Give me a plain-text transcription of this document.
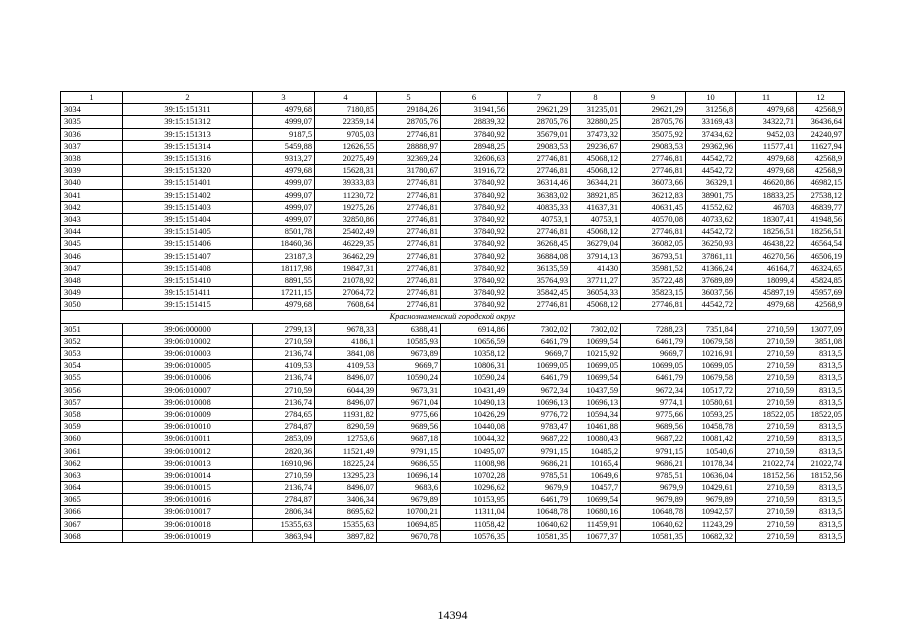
1	2	3	4	5	6	7	8	9	10	11	12
3034	39:15:151311	4979,68	7180,85	29184,26	31941,56	29621,29	31235,01	29621,29	31256,8	4979,68	42568,9
3035	39:15:151312	4999,07	22359,14	28705,76	28839,32	28705,76	32880,25	28705,76	33169,43	34322,71	36436,64
3036	39:15:151313	9187,5	9705,03	27746,81	37840,92	35679,01	37473,32	35075,92	37434,62	9452,03	24240,97
3037	39:15:151314	5459,88	12626,55	28888,97	28948,25	29083,53	29236,67	29083,53	29362,96	11577,41	11627,94
3038	39:15:151316	9313,27	20275,49	32369,24	32606,63	27746,81	45068,12	27746,81	44542,72	4979,68	42568,9
3039	39:15:151320	4979,68	15628,31	31780,67	31916,72	27746,81	45068,12	27746,81	44542,72	4979,68	42568,9
3040	39:15:151401	4999,07	39333,83	27746,81	37840,92	36314,46	36344,21	36073,66	36329,1	46620,86	46982,15
3041	39:15:151402	4999,07	11230,72	27746,81	37840,92	36383,02	38921,85	36212,83	38901,75	18833,25	27538,12
3042	39:15:151403	4999,07	19275,26	27746,81	37840,92	40835,33	41637,31	40631,45	41552,62	46703	46839,77
3043	39:15:151404	4999,07	32850,86	27746,81	37840,92	40753,1	40753,1	40570,08	40733,62	18307,41	41948,56
3044	39:15:151405	8501,78	25402,49	27746,81	37840,92	27746,81	45068,12	27746,81	44542,72	18256,51	18256,51
3045	39:15:151406	18460,36	46229,35	27746,81	37840,92	36268,45	36279,04	36082,05	36250,93	46438,22	46564,54
3046	39:15:151407	23187,3	36462,29	27746,81	37840,92	36884,08	37914,13	36793,51	37861,11	46270,56	46506,19
3047	39:15:151408	18117,98	19847,31	27746,81	37840,92	36135,59	41430	35981,52	41366,24	46164,7	46324,65
3048	39:15:151410	8891,55	21078,92	27746,81	37840,92	35764,93	37711,27	35722,48	37689,89	18099,4	45824,85
3049	39:15:151411	17211,15	27064,72	27746,81	37840,92	35842,45	36054,33	35823,15	36037,56	45897,19	45957,69
3050	39:15:151415	4979,68	7608,64	27746,81	37840,92	27746,81	45068,12	27746,81	44542,72	4979,68	42568,9
Краснознаменский городской округ											
3051	39:06:000000	2799,13	9678,33	6388,41	6914,86	7302,02	7302,02	7288,23	7351,84	2710,59	13077,09
3052	39:06:010002	2710,59	4186,1	10585,93	10656,59	6461,79	10699,54	6461,79	10679,58	2710,59	3851,08
3053	39:06:010003	2136,74	3841,08	9673,89	10358,12	9669,7	10215,92	9669,7	10216,91	2710,59	8313,5
3054	39:06:010005	4109,53	4109,53	9669,7	10806,31	10699,05	10699,05	10699,05	10699,05	2710,59	8313,5
3055	39:06:010006	2136,74	8496,07	10590,24	10590,24	6461,79	10699,54	6461,79	10679,58	2710,59	8313,5
3056	39:06:010007	2710,59	6044,39	9673,31	10431,49	9672,34	10437,59	9672,34	10517,72	2710,59	8313,5
3057	39:06:010008	2136,74	8496,07	9671,04	10490,13	10696,13	10696,13	9774,1	10580,61	2710,59	8313,5
3058	39:06:010009	2784,65	11931,82	9775,66	10426,29	9776,72	10594,34	9775,66	10593,25	18522,05	18522,05
3059	39:06:010010	2784,87	8290,59	9689,56	10440,08	9783,47	10461,88	9689,56	10458,78	2710,59	8313,5
3060	39:06:010011	2853,09	12753,6	9687,18	10044,32	9687,22	10080,43	9687,22	10081,42	2710,59	8313,5
3061	39:06:010012	2820,36	11521,49	9791,15	10495,07	9791,15	10485,2	9791,15	10540,6	2710,59	8313,5
3062	39:06:010013	16910,96	18225,24	9686,55	11008,98	9686,21	10165,4	9686,21	10178,34	21022,74	21022,74
3063	39:06:010014	2710,59	13295,23	10696,14	10702,28	9785,51	10649,6	9785,51	10636,04	18152,56	18152,56
3064	39:06:010015	2136,74	8496,07	9683,6	10296,62	9679,9	10457,7	9679,9	10429,61	2710,59	8313,5
3065	39:06:010016	2784,87	3406,34	9679,89	10153,95	6461,79	10699,54	9679,89	9679,89	2710,59	8313,5
3066	39:06:010017	2806,34	8695,62	10700,21	11311,04	10648,78	10680,16	10648,78	10942,57	2710,59	8313,5
3067	39:06:010018	15355,63	15355,63	10694,85	11058,42	10640,62	11459,91	10640,62	11243,29	2710,59	8313,5
3068	39:06:010019	3863,94	3897,82	9670,78	10576,35	10581,35	10677,37	10581,35	10682,32	2710,59	8313,5
14394
